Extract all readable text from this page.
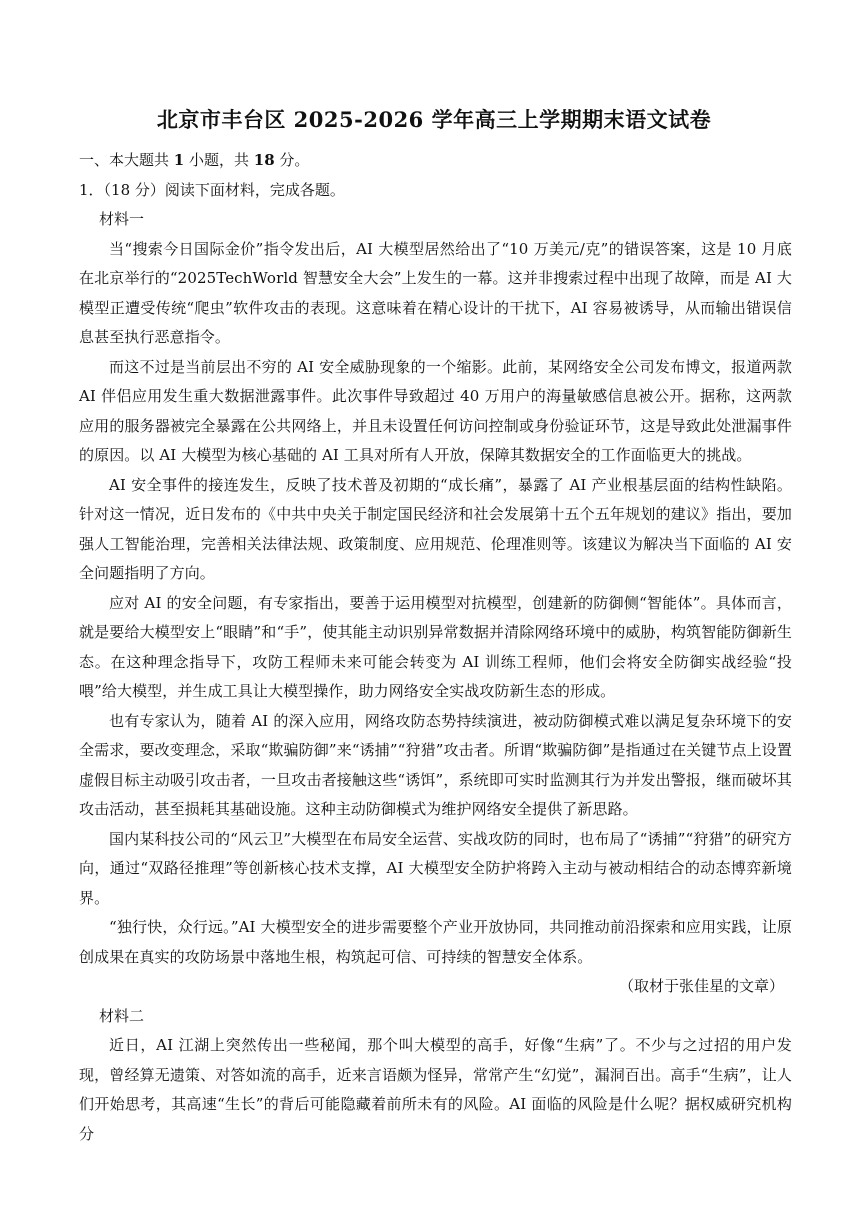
北京市丰台区 2025-2026 学年高三上学期期末语文试卷

一、本大题共 1 小题，共 18 分。

1．（18 分）阅读下面材料，完成各题。

材料一

当“搜索今日国际金价”指令发出后，AI 大模型居然给出了“10 万美元/克”的错误答案，这是 10 月底在北京举行的“2025TechWorld 智慧安全大会”上发生的一幕。这并非搜索过程中出现了故障，而是 AI 大模型正遭受传统“爬虫”软件攻击的表现。这意味着在精心设计的干扰下，AI 容易被诱导，从而输出错误信息甚至执行恶意指令。

而这不过是当前层出不穷的 AI 安全威胁现象的一个缩影。此前，某网络安全公司发布博文，报道两款 AI 伴侣应用发生重大数据泄露事件。此次事件导致超过 40 万用户的海量敏感信息被公开。据称，这两款应用的服务器被完全暴露在公共网络上，并且未设置任何访问控制或身份验证环节，这是导致此处泄漏事件的原因。以 AI 大模型为核心基础的 AI 工具对所有人开放，保障其数据安全的工作面临更大的挑战。

AI 安全事件的接连发生，反映了技术普及初期的“成长痛”，暴露了 AI 产业根基层面的结构性缺陷。针对这一情况，近日发布的《中共中央关于制定国民经济和社会发展第十五个五年规划的建议》指出，要加强人工智能治理，完善相关法律法规、政策制度、应用规范、伦理准则等。该建议为解决当下面临的 AI 安全问题指明了方向。

应对 AI 的安全问题，有专家指出，要善于运用模型对抗模型，创建新的防御侧“智能体”。具体而言，就是要给大模型安上“眼睛”和“手”，使其能主动识别异常数据并清除网络环境中的威胁，构筑智能防御新生态。在这种理念指导下，攻防工程师未来可能会转变为 AI 训练工程师，他们会将安全防御实战经验“投喂”给大模型，并生成工具让大模型操作，助力网络安全实战攻防新生态的形成。

也有专家认为，随着 AI 的深入应用，网络攻防态势持续演进，被动防御模式难以满足复杂环境下的安全需求，要改变理念，采取“欺骗防御”来“诱捕”“狩猎”攻击者。所谓“欺骗防御”是指通过在关键节点上设置虚假目标主动吸引攻击者，一旦攻击者接触这些“诱饵”，系统即可实时监测其行为并发出警报，继而破坏其攻击活动，甚至损耗其基础设施。这种主动防御模式为维护网络安全提供了新思路。

国内某科技公司的“风云卫”大模型在布局安全运营、实战攻防的同时，也布局了“诱捕”“狩猎”的研究方向，通过“双路径推理”等创新核心技术支撑，AI 大模型安全防护将跨入主动与被动相结合的动态博弈新境界。

“独行快，众行远。”AI 大模型安全的进步需要整个产业开放协同，共同推动前沿探索和应用实践，让原创成果在真实的攻防场景中落地生根，构筑起可信、可持续的智慧安全体系。

（取材于张佳星的文章）

材料二

近日，AI 江湖上突然传出一些秘闻，那个叫大模型的高手，好像“生病”了。不少与之过招的用户发现，曾经算无遗策、对答如流的高手，近来言语颇为怪异，常常产生“幻觉”，漏洞百出。高手“生病”，让人们开始思考，其高速“生长”的背后可能隐藏着前所未有的风险。AI 面临的风险是什么呢？据权威研究机构分
